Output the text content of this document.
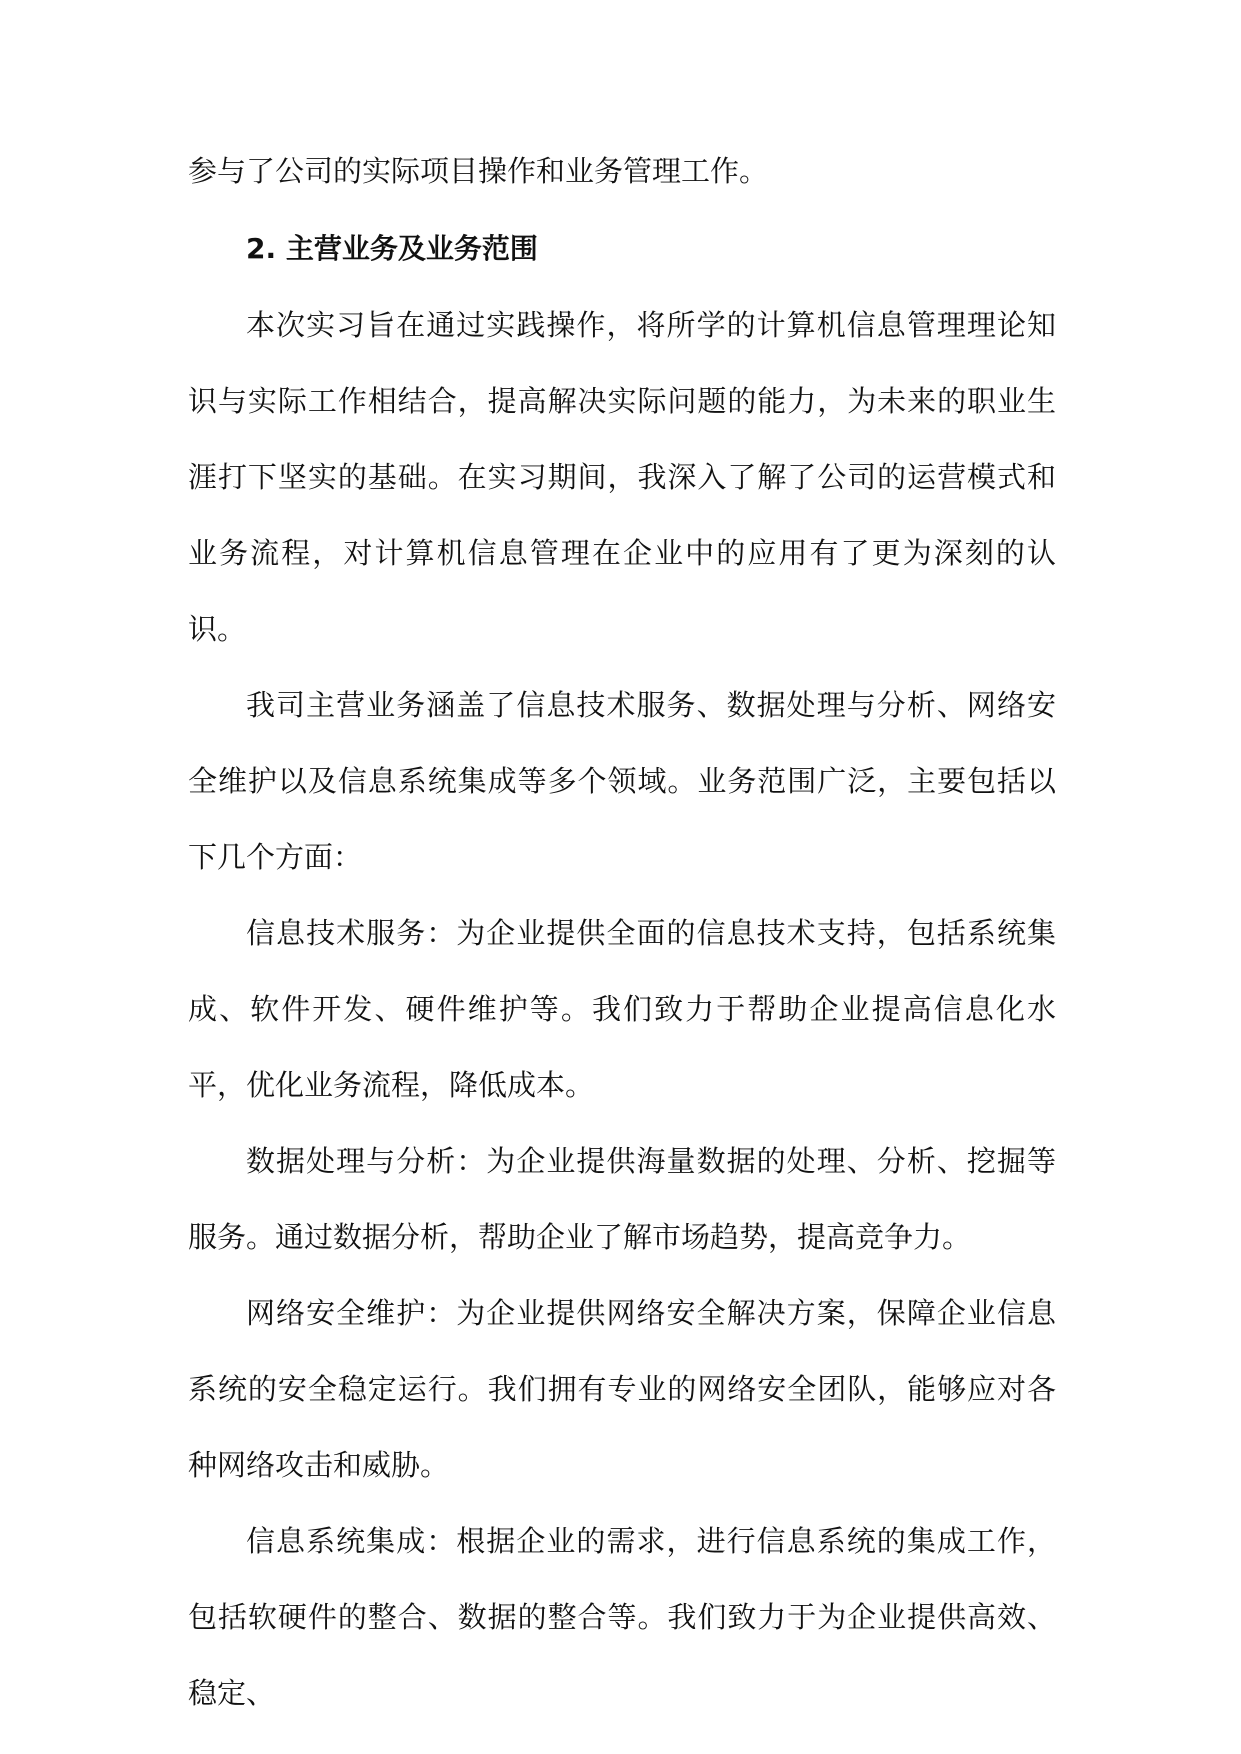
参与了公司的实际项目操作和业务管理工作。

2. 主营业务及业务范围

本次实习旨在通过实践操作，将所学的计算机信息管理理论知识与实际工作相结合，提高解决实际问题的能力，为未来的职业生涯打下坚实的基础。在实习期间，我深入了解了公司的运营模式和业务流程，对计算机信息管理在企业中的应用有了更为深刻的认识。

我司主营业务涵盖了信息技术服务、数据处理与分析、网络安全维护以及信息系统集成等多个领域。业务范围广泛，主要包括以下几个方面：

信息技术服务：为企业提供全面的信息技术支持，包括系统集成、软件开发、硬件维护等。我们致力于帮助企业提高信息化水平，优化业务流程，降低成本。

数据处理与分析：为企业提供海量数据的处理、分析、挖掘等服务。通过数据分析，帮助企业了解市场趋势，提高竞争力。

网络安全维护：为企业提供网络安全解决方案，保障企业信息系统的安全稳定运行。我们拥有专业的网络安全团队，能够应对各种网络攻击和威胁。

信息系统集成：根据企业的需求，进行信息系统的集成工作，包括软硬件的整合、数据的整合等。我们致力于为企业提供高效、稳定、
